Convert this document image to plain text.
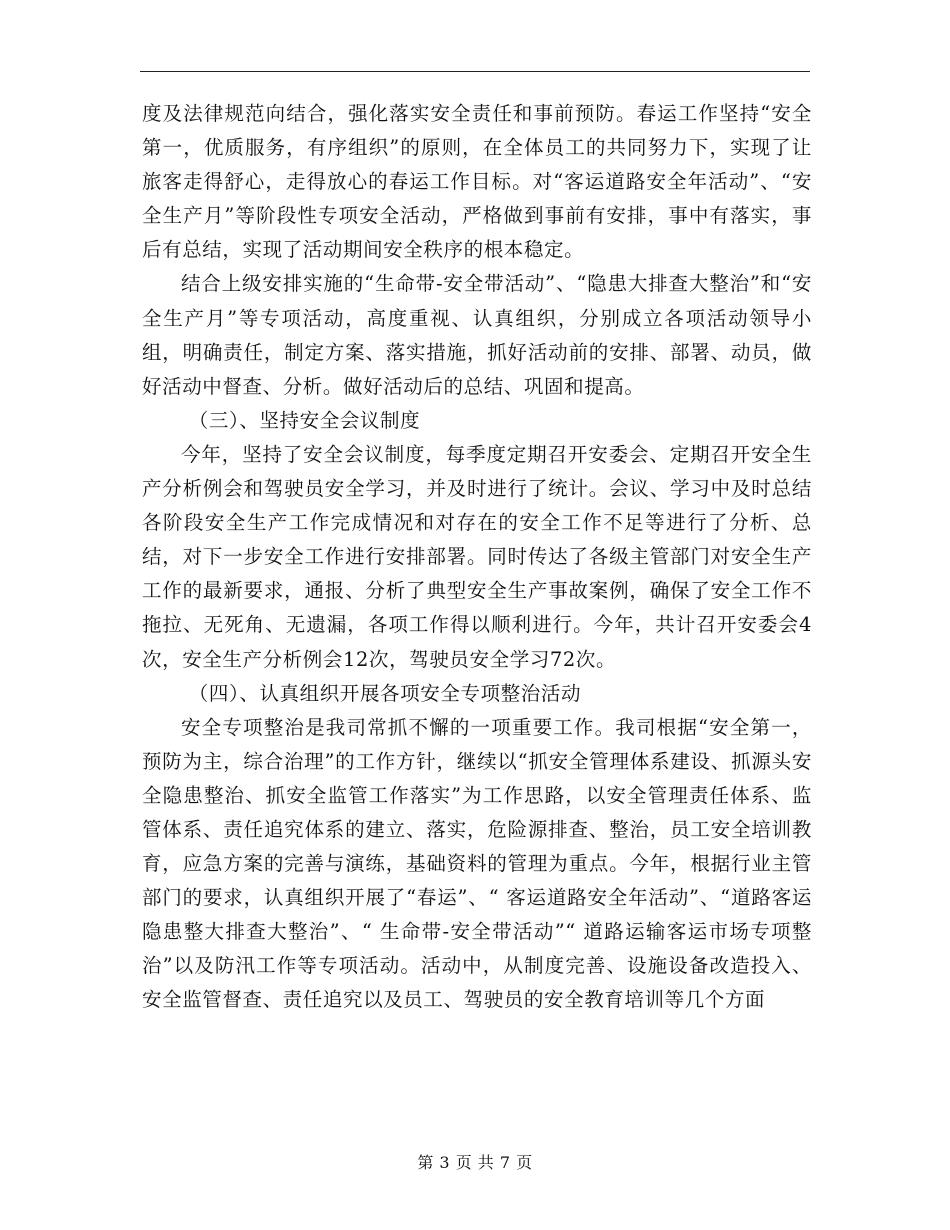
度及法律规范向结合，强化落实安全责任和事前预防。春运工作坚持“安全第一，优质服务，有序组织”的原则，在全体员工的共同努力下，实现了让旅客走得舒心，走得放心的春运工作目标。对“客运道路安全年活动”、“安全生产月”等阶段性专项安全活动，严格做到事前有安排，事中有落实，事后有总结，实现了活动期间安全秩序的根本稳定。

结合上级安排实施的“生命带-安全带活动”、“隐患大排查大整治”和“安全生产月”等专项活动，高度重视、认真组织，分别成立各项活动领导小组，明确责任，制定方案、落实措施，抓好活动前的安排、部署、动员，做好活动中督查、分析。做好活动后的总结、巩固和提高。

（三）、坚持安全会议制度

今年，坚持了安全会议制度，每季度定期召开安委会、定期召开安全生产分析例会和驾驶员安全学习，并及时进行了统计。会议、学习中及时总结各阶段安全生产工作完成情况和对存在的安全工作不足等进行了分析、总结，对下一步安全工作进行安排部署。同时传达了各级主管部门对安全生产工作的最新要求，通报、分析了典型安全生产事故案例，确保了安全工作不拖拉、无死角、无遗漏，各项工作得以顺利进行。今年，共计召开安委会4次，安全生产分析例会12次，驾驶员安全学习72次。

（四）、认真组织开展各项安全专项整治活动

安全专项整治是我司常抓不懈的一项重要工作。我司根据“安全第一，预防为主，综合治理”的工作方针，继续以“抓安全管理体系建设、抓源头安全隐患整治、抓安全监管工作落实”为工作思路，以安全管理责任体系、监管体系、责任追究体系的建立、落实，危险源排查、整治，员工安全培训教育，应急方案的完善与演练，基础资料的管理为重点。今年，根据行业主管部门的要求，认真组织开展了“春运”、“ 客运道路安全年活动”、“道路客运隐患整大排查大整治”、“ 生命带-安全带活动”“ 道路运输客运市场专项整治”以及防汛工作等专项活动。活动中，从制度完善、设施设备改造投入、安全监管督查、责任追究以及员工、驾驶员的安全教育培训等几个方面

第 3 页 共 7 页
